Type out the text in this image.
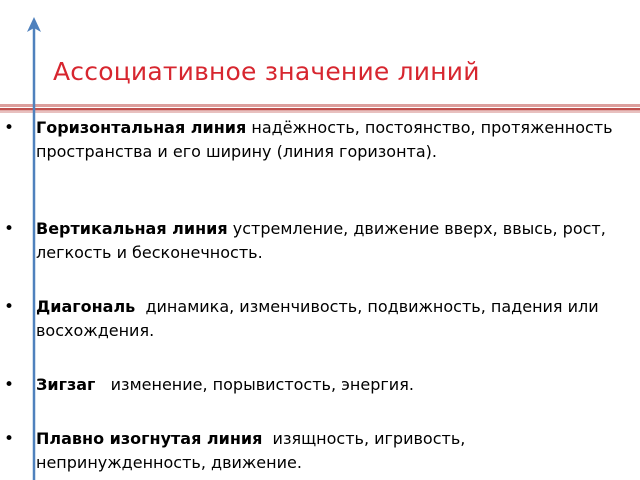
Ассоциативное значение линий
• Горизонтальная линия надёжность, постоянство, протяженность пространства и его ширину (линия горизонта).
• Вертикальная линия устремление, движение вверх, ввысь, рост, легкость и бесконечность.
• Диагональ динамика, изменчивость, подвижность, падения или восхождения.
• Зигзаг изменение, порывистость, энергия.
• Плавно изогнутая линия изящность, игривость, непринужденность, движение.
